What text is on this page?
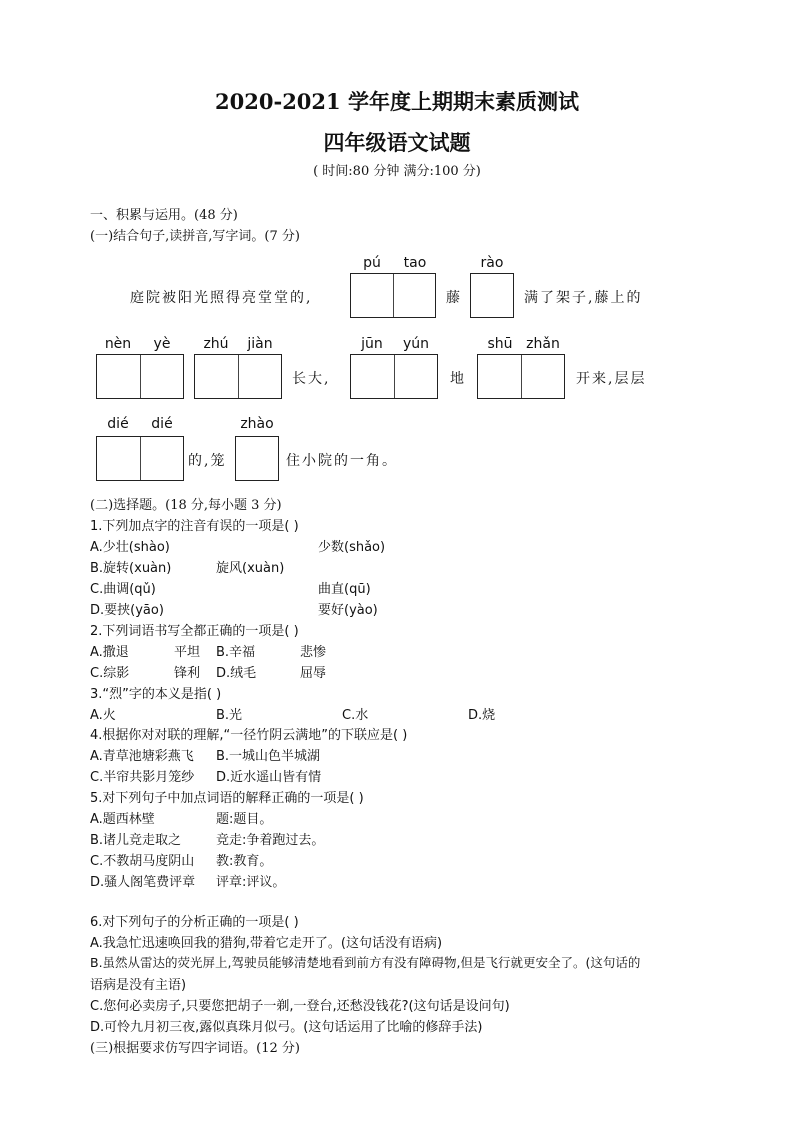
2020-2021 学年度上期期末素质测试
四年级语文试题
( 时间:80 分钟 满分:100 分)
一、积累与运用。(48 分)
(一)结合句子,读拼音,写字词。(7 分)
pú	tao	rào
庭院被阳光照得亮堂堂的,	藤	满了架子,藤上的
nèn	yè	zhú	jiàn	jūn	yún	shū zhǎn
长大,	地	开来,层层
dié	dié	zhào
的,笼	住小院的一角。
(二)选择题。(18 分,每小题 3 分)
1.下列加点字的注音有误的一项是( )
A.少壮(shào)	少数(shǎo)
B.旋转(xuàn)	旋风(xuàn)
C.曲调(qǔ)	曲直(qū)
D.要挟(yāo)	要好(yào)
2.下列词语书写全都正确的一项是( )
A.撒退	平坦 B.辛福	悲惨
C.综影	锋利 D.绒毛	屈辱
3.“烈”字的本义是指( )
A.火	B.光	C.水	D.烧
4.根据你对对联的理解,“一径竹阴云满地”的下联应是( )
A.青草池塘彩燕飞 B.一城山色半城湖
C.半帘共影月笼纱 D.近水遥山皆有情
5.对下列句子中加点词语的解释正确的一项是( )
A.题西林壁	题:题目。
B.诸儿竞走取之	竞走:争着跑过去。
C.不教胡马度阴山 教:教育。
D.骚人阁笔费评章 评章:评议。
6.对下列句子的分析正确的一项是( )
A.我急忙迅速唤回我的猎狗,带着它走开了。(这句话没有语病)
B.虽然从雷达的荧光屏上,驾驶员能够清楚地看到前方有没有障碍物,但是飞行就更安全了。(这句话的
语病是没有主语)
C.您何必卖房子,只要您把胡子一剃,一登台,还愁没钱花?(这句话是设问句)
D.可怜九月初三夜,露似真珠月似弓。(这句话运用了比喻的修辞手法)
(三)根据要求仿写四字词语。(12 分)
